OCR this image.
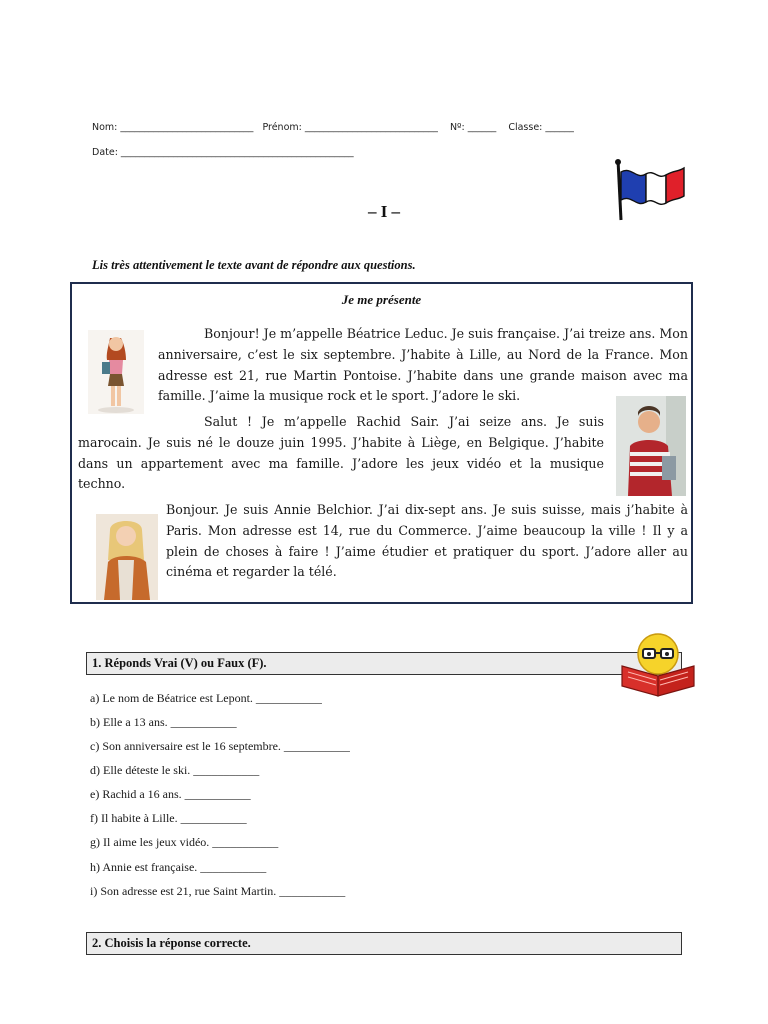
Nom: ____________________________   Prénom: ____________________________    Nº: ______    Classe: ______
Date: _________________________________________________
– I –
Lis très attentivement le texte avant de répondre aux questions.
Je me présente
Bonjour! Je m’appelle Béatrice Leduc. Je suis française. J’ai treize ans. Mon anniversaire, c’est le six septembre. J’habite à Lille, au Nord de la France. Mon adresse est 21, rue Martin Pontoise. J’habite dans une grande maison avec ma famille. J’aime la musique rock et le sport. J’adore le ski.
Salut ! Je m’appelle Rachid Sair. J’ai seize ans. Je suis marocain. Je suis né le douze juin 1995. J’habite à Liège, en Belgique. J’habite dans un appartement avec ma famille. J’adore les jeux vidéo et la musique techno.
Bonjour. Je suis Annie Belchior. J’ai dix-sept ans. Je suis suisse, mais j’habite à Paris. Mon adresse est 14, rue du Commerce. J’aime beaucoup la ville ! Il y a plein de choses à faire ! J’aime étudier et pratiquer du sport. J’adore aller au cinéma et regarder la télé.
1. Réponds Vrai (V) ou Faux (F).
a) Le nom de Béatrice est Lepont. ___________
b) Elle a 13 ans. ___________
c) Son anniversaire est le 16 septembre. ___________
d) Elle déteste le ski. ___________
e) Rachid a 16 ans. ___________
f) Il habite à Lille. ___________
g) Il aime les jeux vidéo. ___________
h) Annie est française. ___________
i) Son adresse est 21, rue Saint Martin. ___________
2. Choisis la réponse correcte.
